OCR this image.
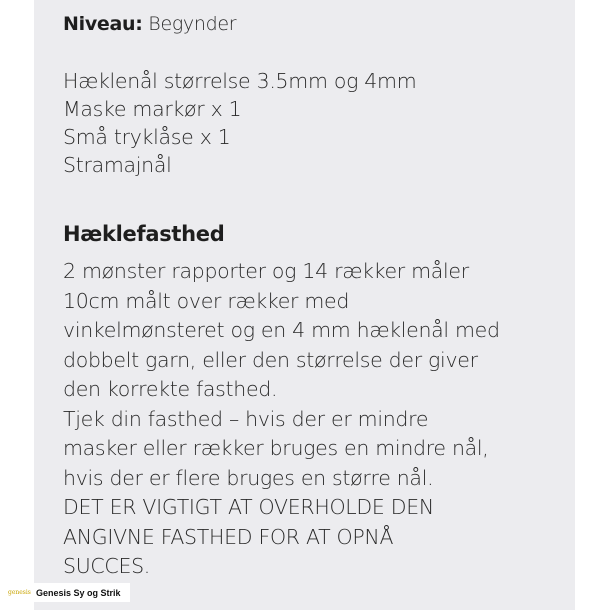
Niveau: Begynder
Hæklenål størrelse 3.5mm og 4mm
Maske markør x 1
Små tryklåse x 1
Stramajnål
Hæklefasthed
2 mønster rapporter og 14 rækker måler
10cm målt over rækker med
vinkelmønsteret og en 4 mm hæklenål med
dobbelt garn, eller den størrelse der giver
den korrekte fasthed.
Tjek din fasthed – hvis der er mindre
masker eller rækker bruges en mindre nål,
hvis der er flere bruges en større nål.
DET ER VIGTIGT AT OVERHOLDE DEN
ANGIVNE FASTHED FOR AT OPNÅ
SUCCES.
genesis Genesis Sy og Strik
